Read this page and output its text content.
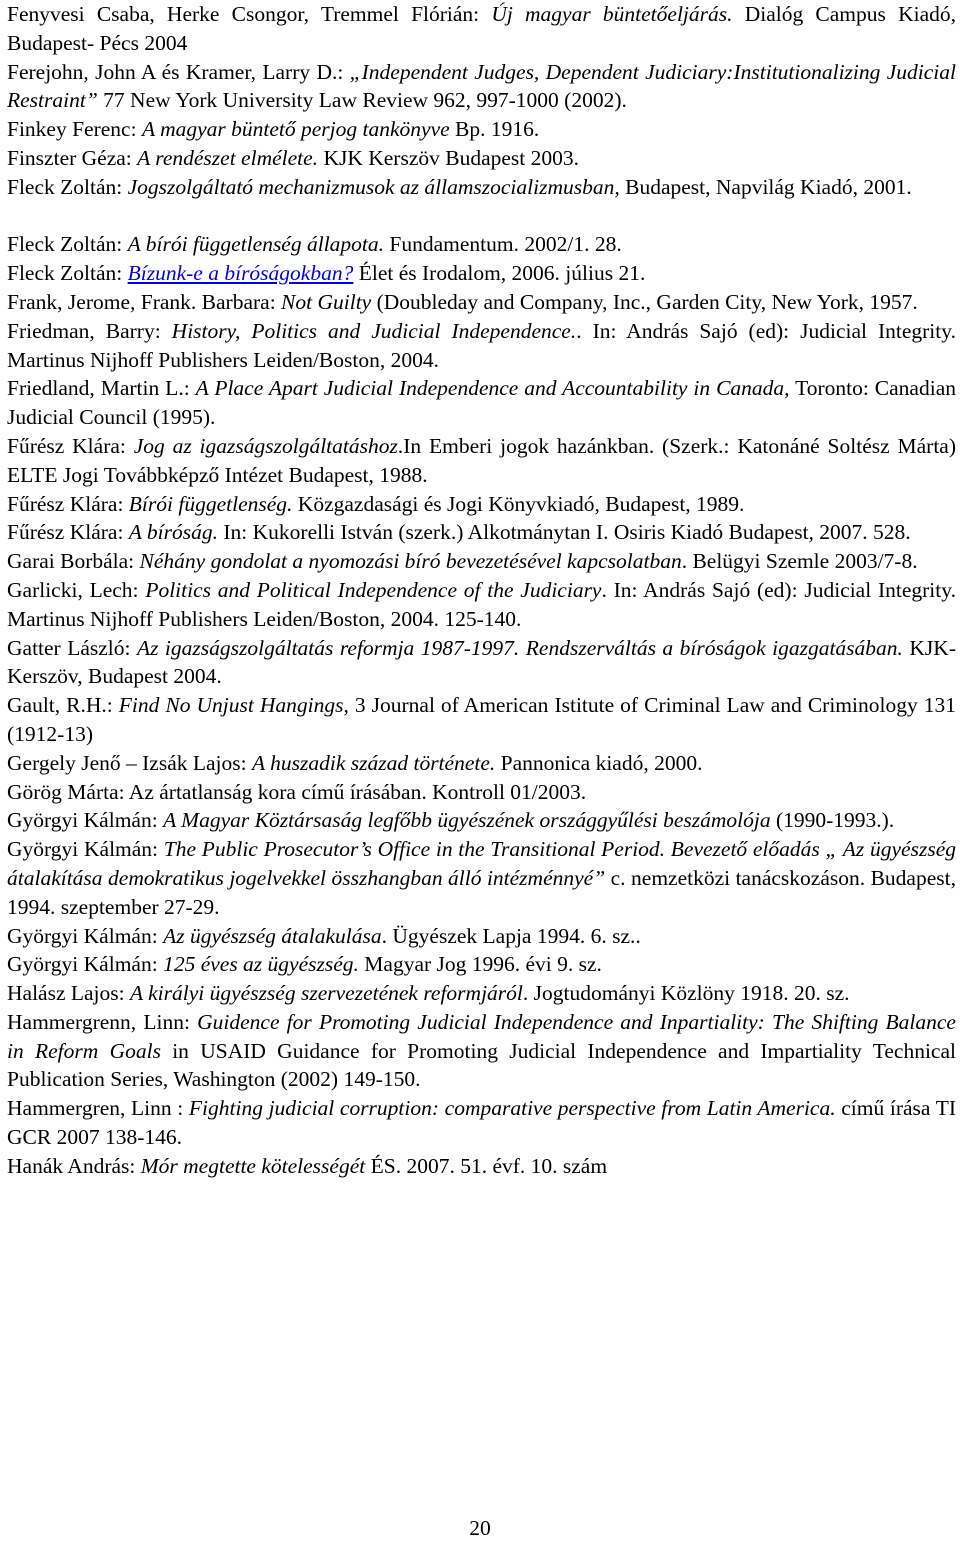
Fenyvesi Csaba, Herke Csongor, Tremmel Flórián: Új magyar büntetőeljárás. Dialóg Campus Kiadó, Budapest- Pécs 2004
Ferejohn, John A és Kramer, Larry D.: „Independent Judges, Dependent Judiciary:Institutionalizing Judicial Restraint” 77 New York University Law Review 962, 997-1000 (2002).
Finkey Ferenc: A magyar büntető perjog tankönyve Bp. 1916.
Finszter Géza: A rendészet elmélete. KJK Kerszöv Budapest 2003.
Fleck Zoltán: Jogszolgáltató mechanizmusok az államszocializmusban, Budapest, Napvilág Kiadó, 2001.
Fleck Zoltán: A bírói függetlenség állapota. Fundamentum. 2002/1. 28.
Fleck Zoltán: Bízunk-e a bíróságokban? Élet és Irodalom, 2006. július 21.
Frank, Jerome, Frank. Barbara: Not Guilty (Doubleday and Company, Inc., Garden City, New York, 1957.
Friedman, Barry: History, Politics and Judicial Independence.. In: András Sajó (ed): Judicial Integrity. Martinus Nijhoff Publishers Leiden/Boston, 2004.
Friedland, Martin L.: A Place Apart Judicial Independence and Accountability in Canada, Toronto: Canadian Judicial Council (1995).
Fűrész Klára: Jog az igazságszolgáltatáshoz.In Emberi jogok hazánkban. (Szerk.: Katonáné Soltész Márta) ELTE Jogi Továbbképző Intézet Budapest, 1988.
Fűrész Klára: Bírói függetlenség. Közgazdasági és Jogi Könyvkiadó, Budapest, 1989.
Fűrész Klára: A bíróság. In: Kukorelli István (szerk.) Alkotmánytan I. Osiris Kiadó Budapest, 2007. 528.
Garai Borbála: Néhány gondolat a nyomozási bíró bevezetésével kapcsolatban. Belügyi Szemle 2003/7-8.
Garlicki, Lech: Politics and Political Independence of the Judiciary. In: András Sajó (ed): Judicial Integrity. Martinus Nijhoff Publishers Leiden/Boston, 2004. 125-140.
Gatter László: Az igazságszolgáltatás reformja 1987-1997. Rendszerváltás a bíróságok igazgatásában. KJK-Kerszöv, Budapest 2004.
Gault, R.H.: Find No Unjust Hangings, 3 Journal of American Istitute of Criminal Law and Criminology 131 (1912-13)
Gergely Jenő – Izsák Lajos: A huszadik század története. Pannonica kiadó, 2000.
Görög Márta: Az ártatlanság kora című írásában. Kontroll 01/2003.
Györgyi Kálmán: A Magyar Köztársaság legfőbb ügyészének országgyűlési beszámolója (1990-1993.).
Györgyi Kálmán: The Public Prosecutor’s Office in the Transitional Period. Bevezető előadás „ Az ügyészség átalakítása demokratikus jogelvekkel összhangban álló intézménnyé” c. nemzetközi tanácskozáson. Budapest, 1994. szeptember 27-29.
Györgyi Kálmán: Az ügyészség átalakulása. Ügyészek Lapja 1994. 6. sz..
Györgyi Kálmán: 125 éves az ügyészség. Magyar Jog 1996. évi 9. sz.
Halász Lajos: A királyi ügyészség szervezetének reformjáról. Jogtudományi Közlöny 1918. 20. sz.
Hammergrenn, Linn: Guidence for Promoting Judicial Independence and Inpartiality: The Shifting Balance in Reform Goals in USAID Guidance for Promoting Judicial Independence and Impartiality Technical Publication Series, Washington (2002) 149-150.
Hammergren, Linn : Fighting judicial corruption: comparative perspective from Latin America. című írása TI GCR 2007 138-146.
Hanák András: Mór megtette kötelességét ÉS. 2007. 51. évf. 10. szám
20
